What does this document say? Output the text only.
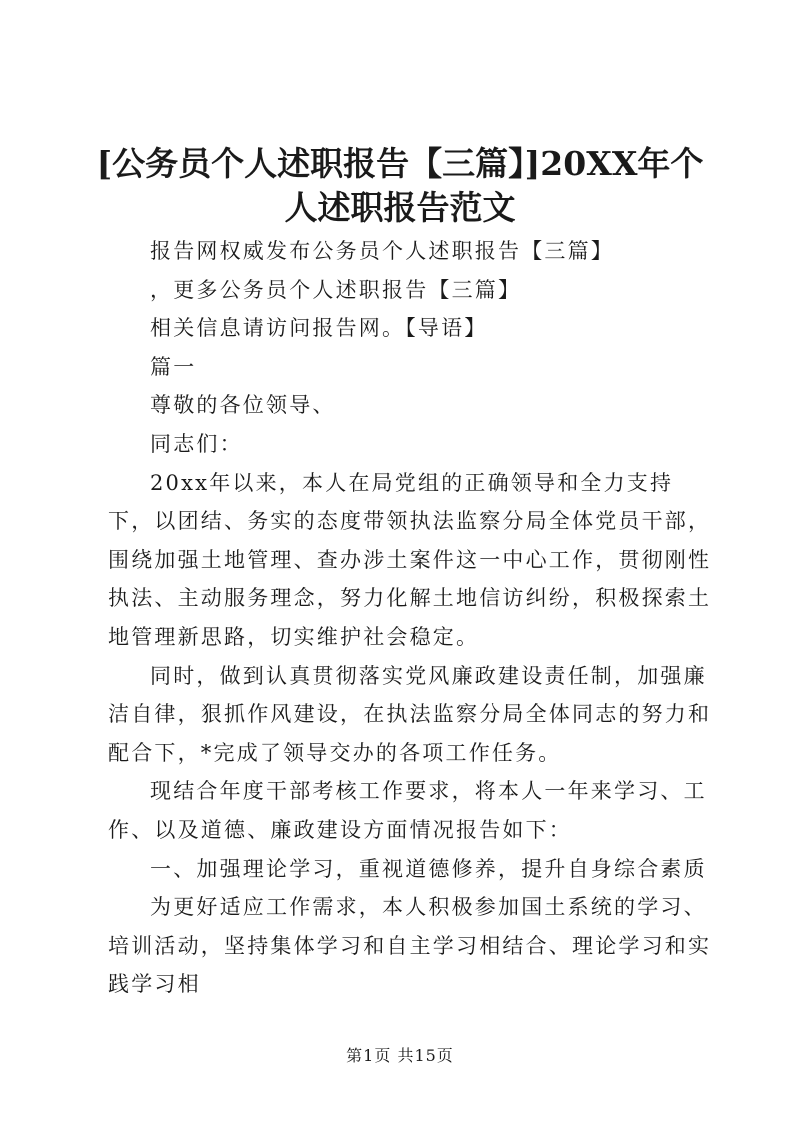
[公务员个人述职报告【三篇】]20XX年个人述职报告范文

报告网权威发布公务员个人述职报告【三篇】

，更多公务员个人述职报告【三篇】

相关信息请访问报告网。【导语】

篇一

尊敬的各位领导、

同志们：

20xx年以来，本人在局党组的正确领导和全力支持下，以团结、务实的态度带领执法监察分局全体党员干部，围绕加强土地管理、查办涉土案件这一中心工作，贯彻刚性执法、主动服务理念，努力化解土地信访纠纷，积极探索土地管理新思路，切实维护社会稳定。

同时，做到认真贯彻落实党风廉政建设责任制，加强廉洁自律，狠抓作风建设，在执法监察分局全体同志的努力和配合下，*完成了领导交办的各项工作任务。

现结合年度干部考核工作要求，将本人一年来学习、工作、以及道德、廉政建设方面情况报告如下：

一、加强理论学习，重视道德修养，提升自身综合素质

为更好适应工作需求，本人积极参加国土系统的学习、培训活动，坚持集体学习和自主学习相结合、理论学习和实践学习相

第1页 共15页
